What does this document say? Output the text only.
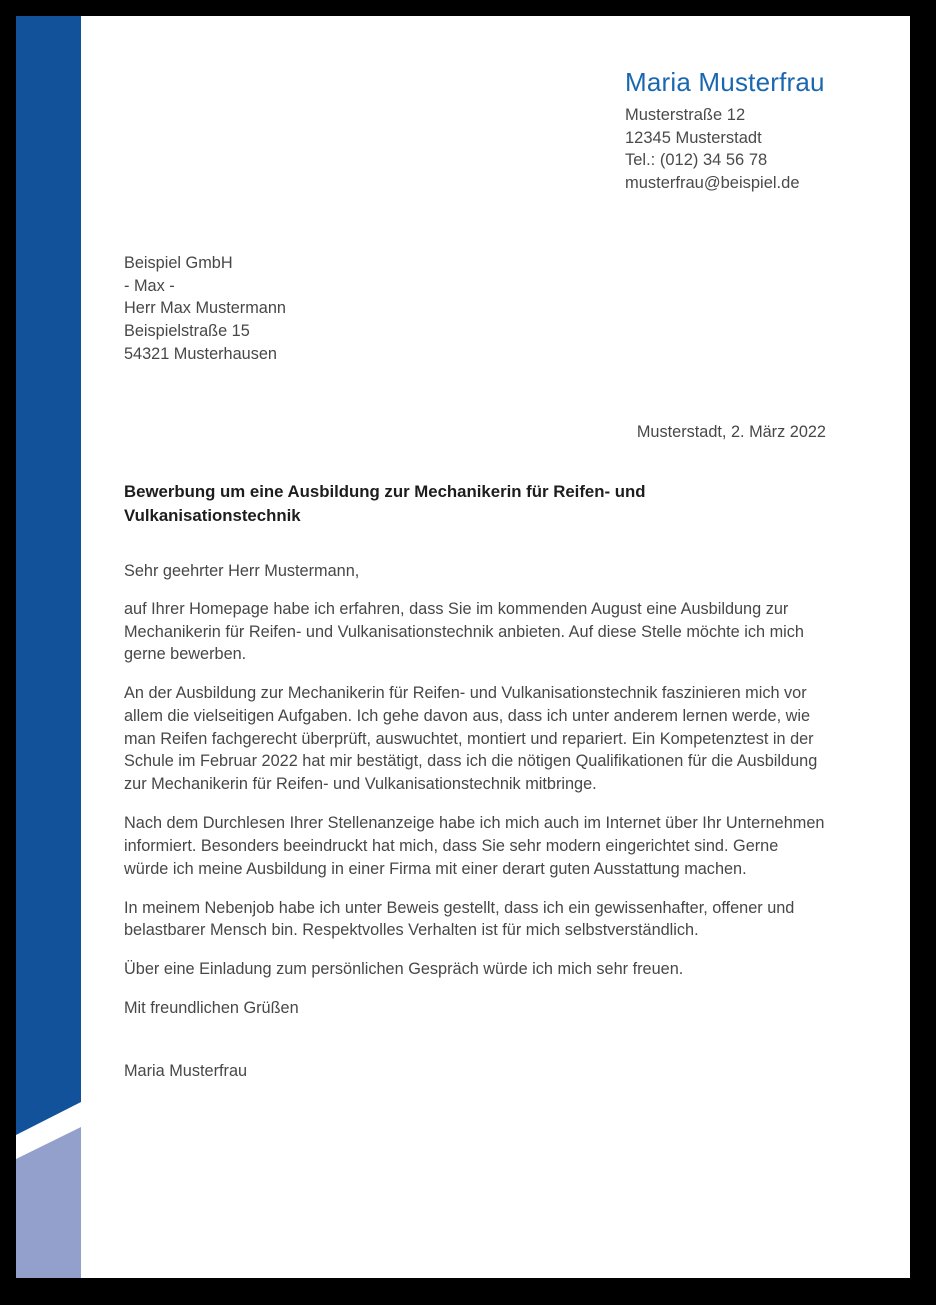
Maria Musterfrau
Musterstraße 12
12345 Musterstadt
Tel.: (012) 34 56 78
musterfrau@beispiel.de
Beispiel GmbH
- Max -
Herr Max Mustermann
Beispielstraße 15
54321 Musterhausen
Musterstadt, 2. März 2022
Bewerbung um eine Ausbildung zur Mechanikerin für Reifen- und Vulkanisationstechnik
Sehr geehrter Herr Mustermann,

auf Ihrer Homepage habe ich erfahren, dass Sie im kommenden August eine Ausbildung zur Mechanikerin für Reifen- und Vulkanisationstechnik anbieten. Auf diese Stelle möchte ich mich gerne bewerben.

An der Ausbildung zur Mechanikerin für Reifen- und Vulkanisationstechnik faszinieren mich vor allem die vielseitigen Aufgaben. Ich gehe davon aus, dass ich unter anderem lernen werde, wie man Reifen fachgerecht überprüft, auswuchtet, montiert und repariert. Ein Kompetenztest in der Schule im Februar 2022 hat mir bestätigt, dass ich die nötigen Qualifikationen für die Ausbildung zur Mechanikerin für Reifen- und Vulkanisationstechnik mitbringe.

Nach dem Durchlesen Ihrer Stellenanzeige habe ich mich auch im Internet über Ihr Unternehmen informiert. Besonders beeindruckt hat mich, dass Sie sehr modern eingerichtet sind. Gerne würde ich meine Ausbildung in einer Firma mit einer derart guten Ausstattung machen.

In meinem Nebenjob habe ich unter Beweis gestellt, dass ich ein gewissenhafter, offener und belastbarer Mensch bin. Respektvolles Verhalten ist für mich selbstverständlich.

Über eine Einladung zum persönlichen Gespräch würde ich mich sehr freuen.

Mit freundlichen Grüßen
Maria Musterfrau
